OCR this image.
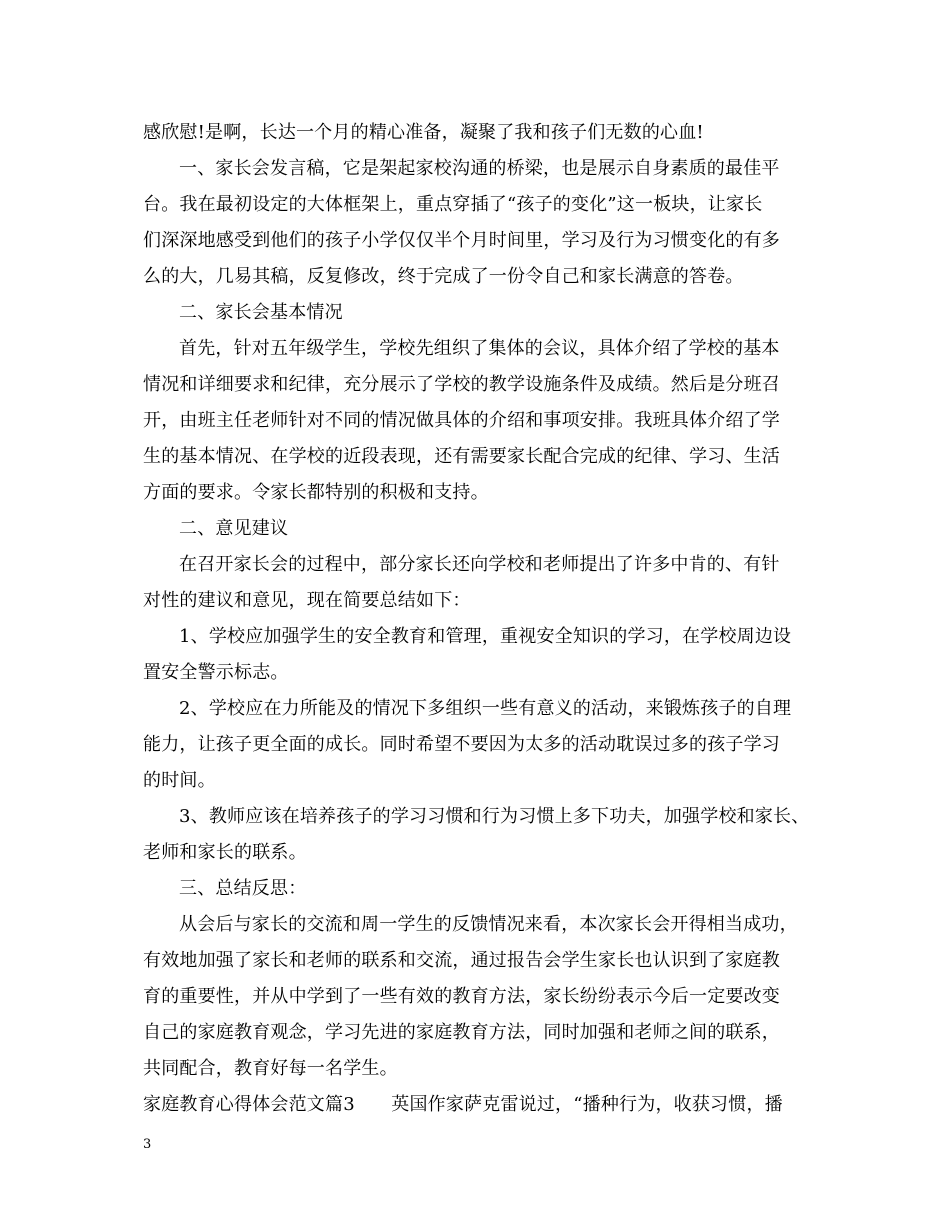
感欣慰!是啊，长达一个月的精心准备，凝聚了我和孩子们无数的心血!
一、家长会发言稿，它是架起家校沟通的桥梁，也是展示自身素质的最佳平
台。我在最初设定的大体框架上，重点穿插了“孩子的变化”这一板块，让家长
们深深地感受到他们的孩子小学仅仅半个月时间里，学习及行为习惯变化的有多
么的大，几易其稿，反复修改，终于完成了一份令自己和家长满意的答卷。
二、家长会基本情况
首先，针对五年级学生，学校先组织了集体的会议，具体介绍了学校的基本
情况和详细要求和纪律，充分展示了学校的教学设施条件及成绩。然后是分班召
开，由班主任老师针对不同的情况做具体的介绍和事项安排。我班具体介绍了学
生的基本情况、在学校的近段表现，还有需要家长配合完成的纪律、学习、生活
方面的要求。令家长都特别的积极和支持。
二、意见建议
在召开家长会的过程中，部分家长还向学校和老师提出了许多中肯的、有针
对性的建议和意见，现在简要总结如下：
1、学校应加强学生的安全教育和管理，重视安全知识的学习，在学校周边设
置安全警示标志。
2、学校应在力所能及的情况下多组织一些有意义的活动，来锻炼孩子的自理
能力，让孩子更全面的成长。同时希望不要因为太多的活动耽误过多的孩子学习
的时间。
3、教师应该在培养孩子的学习习惯和行为习惯上多下功夫，加强学校和家长、
老师和家长的联系。
三、总结反思：
从会后与家长的交流和周一学生的反馈情况来看，本次家长会开得相当成功，
有效地加强了家长和老师的联系和交流，通过报告会学生家长也认识到了家庭教
育的重要性，并从中学到了一些有效的教育方法，家长纷纷表示今后一定要改变
自己的家庭教育观念，学习先进的家庭教育方法，同时加强和老师之间的联系，
共同配合，教育好每一名学生。
家庭教育心得体会范文篇3　　英国作家萨克雷说过，“播种行为，收获习惯，播
3
